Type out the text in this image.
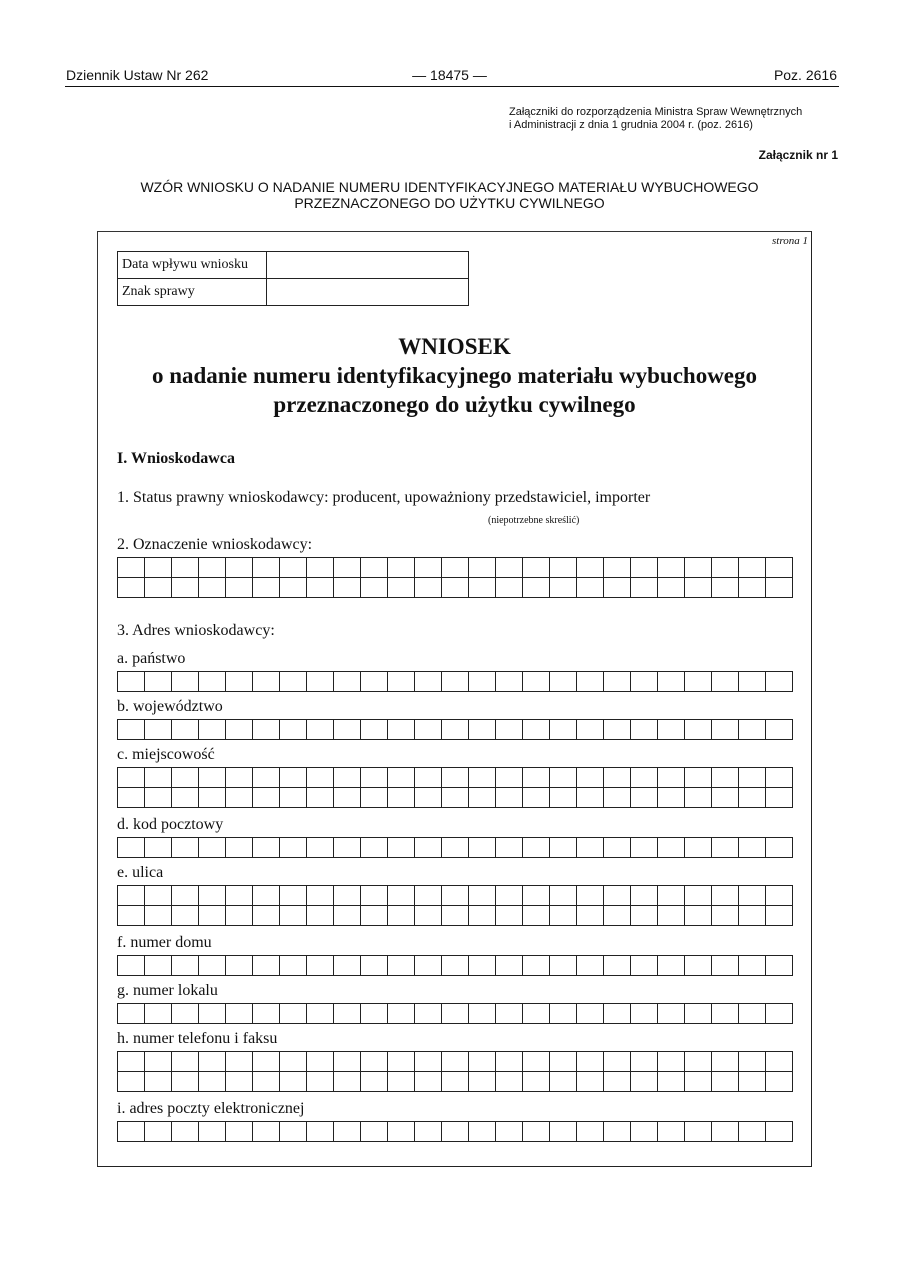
Dziennik Ustaw Nr 262	— 18475 —	Poz. 2616
Załączniki do rozporządzenia Ministra Spraw Wewnętrznych
i Administracji z dnia 1 grudnia 2004 r. (poz. 2616)
Załącznik nr 1
WZÓR WNIOSKU O NADANIE NUMERU IDENTYFIKACYJNEGO MATERIAŁU WYBUCHOWEGO
PRZEZNACZONEGO DO UŻYTKU CYWILNEGO
strona 1
Data wpływu wniosku	
Znak sprawy	
WNIOSEK
o nadanie numeru identyfikacyjnego materiału wybuchowego
przeznaczonego do użytku cywilnego
I. Wnioskodawca
1. Status prawny wnioskodawcy: producent, upoważniony przedstawiciel, importer
(niepotrzebne skreślić)
2. Oznaczenie wnioskodawcy:
3. Adres wnioskodawcy:
a. państwo
b. województwo
c. miejscowość
d. kod pocztowy
e. ulica
f. numer domu
g. numer lokalu
h. numer telefonu i faksu
i. adres poczty elektronicznej
